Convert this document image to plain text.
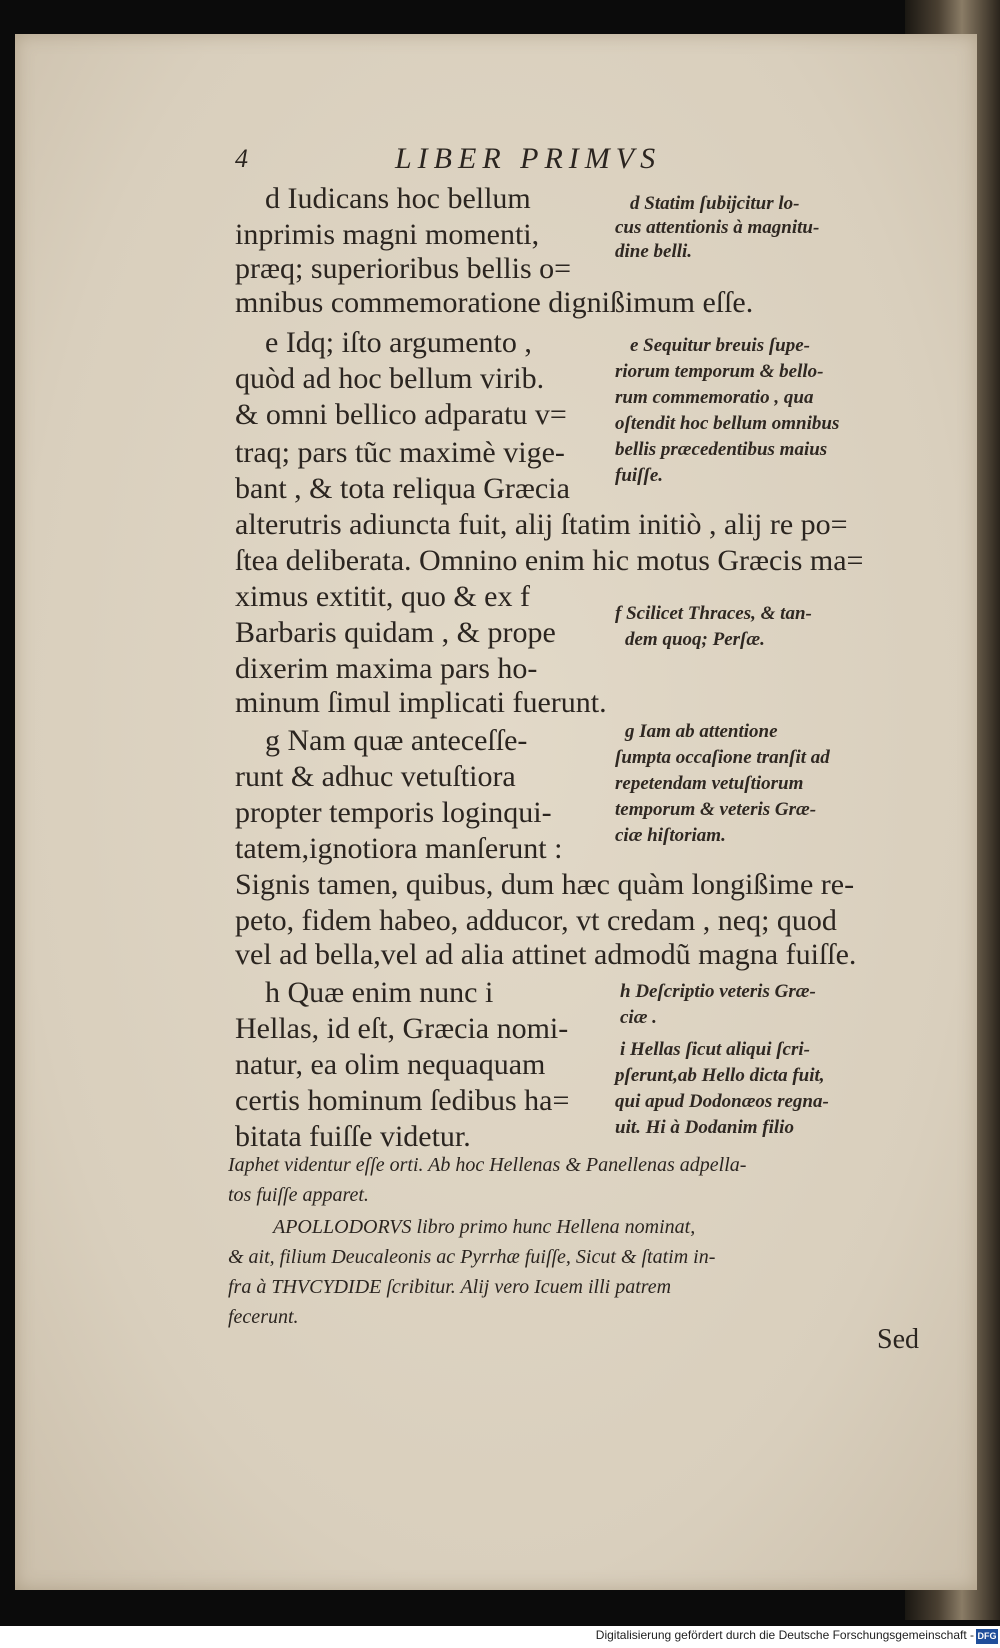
4	LIBER PRIMVS
d Iudicans hoc bellum
inprimis magni momenti,
præq; superioribus bellis o=
mnibus commemoratione dignißimum eſſe.
e Idq; iſto argumento ,
quòd ad hoc bellum virib.
& omni bellico adparatu v=
traq; pars tũc maximè vige-
bant , & tota reliqua Græcia
alterutris adiuncta fuit, alij ſtatim initiò , alij re po=
ſtea deliberata. Omnino enim hic motus Græcis ma=
ximus extitit, quo & ex f
Barbaris quidam , & prope
dixerim maxima pars ho-
minum ſimul implicati fuerunt.
g Nam quæ anteceſſe-
runt & adhuc vetuſtiora
propter temporis loginqui-
tatem,ignotiora manſerunt :
Signis tamen, quibus, dum hæc quàm longißime re-
peto, fidem habeo, adducor, vt credam , neq; quod
vel ad bella,vel ad alia attinet admodũ magna fuiſſe.
h Quæ enim nunc i
Hellas, id eſt, Græcia nomi-
natur, ea olim nequaquam
certis hominum ſedibus ha=
bitata fuiſſe videtur.
d Statim ſubijcitur lo-
cus attentionis à magnitu-
dine belli.
e Sequitur breuis ſupe-
riorum temporum & bello-
rum commemoratio , qua
oſtendit hoc bellum omnibus
bellis præcedentibus maius
fuiſſe.
f Scilicet Thraces, & tan-
dem quoq; Perſæ.
g Iam ab attentione
ſumpta occaſione tranſit ad
repetendam vetuſtiorum
temporum & veteris Græ-
ciæ hiſtoriam.
h Deſcriptio veteris Græ-
ciæ .
i Hellas ſicut aliqui ſcri-
pſerunt,ab Hello dicta fuit,
qui apud Dodonæos regna-
uit. Hi à Dodanim filio
Iaphet videntur eſſe orti. Ab hoc Hellenas & Panellenas adpella-
tos fuiſſe apparet.
APOLLODORVS libro primo hunc Hellena nominat,
& ait, filium Deucaleonis ac Pyrrhæ fuiſſe, Sicut & ſtatim in-
fra à THVCYDIDE ſcribitur. Alij vero Icuem illi patrem
fecerunt.
Sed
Digitalisierung gefördert durch die Deutsche Forschungsgemeinschaft - DFG
